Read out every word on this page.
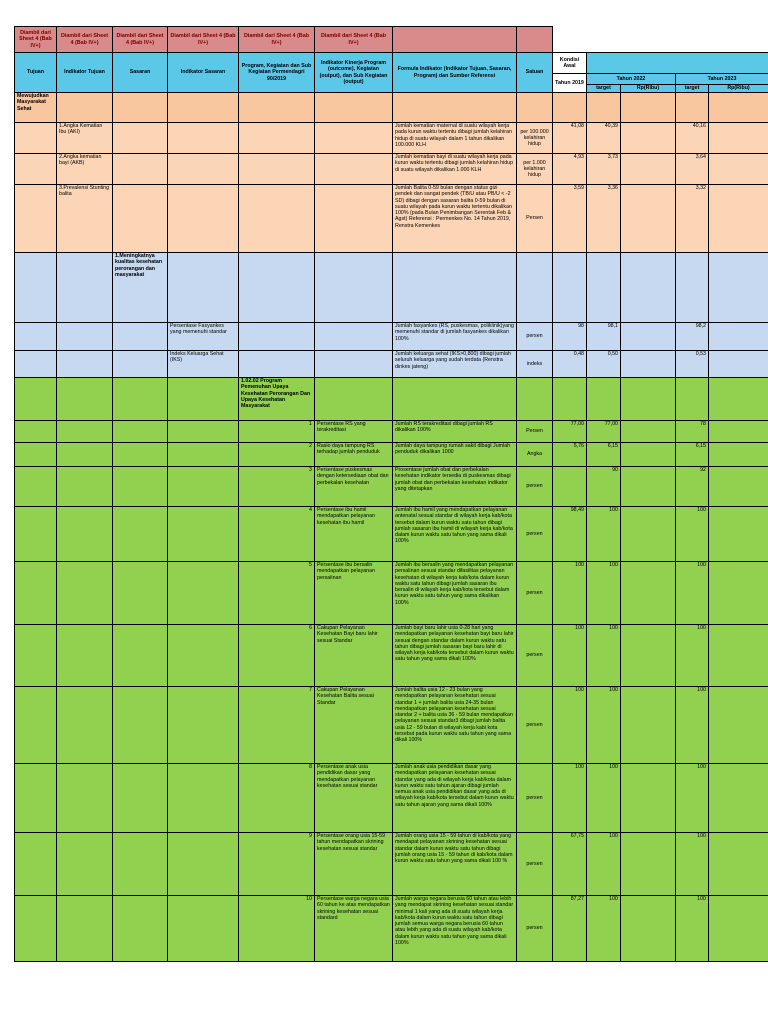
Diambil dari Sheet 4 (Bab IV+)	Diambil dari Sheet 4 (Bab IV+)	Diambil dari Sheet 4 (Bab IV+)	Diambil dari Sheet 4 (Bab IV+)	Diambil dari Sheet 4 (Bab IV+)	Diambil dari Sheet 4 (Bab IV+)							
Tujuan	Indikator Tujuan	Sasaran	Indikator Sasaran	Program, Kegiatan dan Sub Kegiatan Permendagri 90/2019	Indikator Kinerja Program (outcome), Kegiatan (output), dan Sub Kegiatan (output)	Formula Indikator (Indikator Tujuan, Sasaran, Program) dan Sumber Referensi	Satuan	Kondisi Awal				
								Tahun 2019	Tahun 2022		Tahun 2023	
									target	Rp(Ribu)	target	Rp(Ribu)
Mewujudkan Masyarakat Sehat												
	1.Angka Kematian Ibu (AKI)					Jumlah kematian maternal di suatu wilayah kerja pada kurun waktu tertentu dibagi jumlah kelahiran hidup di suatu wilayah dalam 1 tahun dikalikan 100.000 KLH	per 100.000 kelahiran hidup	41,08	40,39		40,16	
	2.Angka kematian bayi (AKB)					Jumlah kematian bayi di suatu wilayah kerja pada kurun waktu tertentu dibagi jumlah kelahiran hidup di suatu wilayah dikalikan 1.000 KLH	per 1.000 kelahiran hidup	4,93	3,73		3,64	
	3.Prevalensi Stunting balita					Jumlah Balita 0-59 bulan dengan status gizi pendek dan sangat pendek (TB/U atau PB/U < -2 SD) dibagi dengan sasaran balita 0-59 bulan di suatu wilayah pada kurun waktu tertentu dikalikan 100% (pada Bulan Penimbangan Serentak Feb & Agst) Referensi : Permenkes No. 14 Tahun 2019, Renstra Kemenkes	Persen	3,59	3,36		3,32	
		1.Meningkatnya kualitas kesehatan perorangan dan masyarakat										
			Persentase Fasyankes yang memenuhi standar			Jumlah fasyankes (RS, puskesmas, poliklinik)yang memenuhi standar di jumlah fasyankes dikalikan 100%	persen	98	98,1		98,2	
			Indeks Keluarga Sehat (IKS)			Jumlah keluarga sehat (IKS>0,800) dibagi jumlah seluruh keluarga yang sudah terdata (Renstra dinkes jateng)	indeks	0,48	0,50		0,53	
				1.02.02 Program Pemenuhan Upaya Kesehatan Perorangan Dan Upaya Kesehatan Masyarakat								
				1	Persentase RS yang terakreditasi	Jumlah RS terakreditasi dibagi jumlah RS dikalikan 100%	Persen	77,00	77,00		78	
				2	Rasio daya tampung RS terhadap jumlah penduduk	Jumlah daya tampung rumah sakit dibagi Jumlah penduduk dikalikan 1000	Angka	5,76	6,15		6,15	
				3	Persentase puskesmas dengan ketersediaan obat dan perbekalan kesehatan	Prosentase jumlah obat dan perbekalan kesehatan indikator tersedia di puskesmas dibagi jumlah obat dan perbekalan kesehatan indikator yang ditetapkan	persen		90		92	
				4	Persentase ibu hamil mendapatkan pelayanan kesehatan ibu hamil	Jumlah ibu hamil yang mendapatkan pelayanan antenatal sesuai standar di wilayah kerja kab/kota tersebut dalam kurun waktu satu tahun dibagi jumlah sasaran ibu hamil di wilayah kerja kab/kota dalam kurun waktu satu tahun yang sama dikali 100%	persen	98,49	100		100	
				5	Persentase ibu bersalin mendapatkan pelayanan persalinan	Jumlah ibu bersalin yang mendapatkan pelayanan persalinan sesuai standar difasilitas pelayanan kesehatan di wilayah kerja kab/kota dalam kurun waktu satu tahun dibagi jumlah sasaran ibu bersalin di wilayah kerja kab/kota tersebut dalam kurun waktu satu tahun yang sama dikalikan 100%	persen	100	100		100	
				6	Cakupan Pelayanan Kesehatan Bayi baru lahir sesuai Standar	Jumlah bayi baru lahir usia 0-28 hari yang mendapatkan pelayanan kesehatan bayi baru lahir sesuai dengan standar dalam kurun waktu satu tahun dibagi jumlah sasaran bayi baru lahir di wilayah kerja kab/kota tersebut dalam kurun waktu satu tahun yang sama dikali 100%	persen	100	100		100	
				7	Cakupan Pelayanan Kesehatan Balita sesuai Standar	Jumlah balita usia 12 - 23 bulan yang mendapatkan pelayanan kesehatan sesuai standar 1 + jumlah balita usia 24-35 bulan mendapatkan pelayanan kesehatan sesuai standar 2 + balita usia 36 - 59 bulan mendapatkan pelayanan sesuai standar3 dibagi jumlah balita usia 12 - 59 bulan di wilayah kerja kabi kota tersebut pada kurun waktu satu tahun yang sama dikali 100%	persen	100	100		100	
				8	Persentase anak usia pendidikan dasar yang mendapatkan pelayanan kesehatan sesuai standar	Jumlah anak usia pendidikan dasar yang mendapatkan pelayanan kesehatan sesuai standar yang ada di wilayah kerja kab/kota dalam kurun waktu satu tahun ajaran dibagi jumlah semua anak usia pendidikan dasar yang ada di wilayah kerja kab/kota tersebut dalam kurun waktu satu tahun ajaran yang sama dikali 100%	persen	100	100		100	
				9	Persentase orang usia 15-59 tahun mendapatkan skrining kesehatan sesuai standar	Jumlah orang usia 15 - 59 tahun di kab/kota yang mendapat pelayanan skrining kesehatan sesuai standar dalam kurun waktu satu tahun dibagi jumlah orang usia 15 - 59 tahun di kab/kota dalam kurun waktu satu tahun yang sama dikali 100 %	persen	67,75	100		100	
				10	Persentase warga negara usia 60 tahun ke atas mendapatkan skrining kesehatan sesuai standard	Jumlah warga negara berusia 60 tahun atau lebih yang mendapat skrining kesehatan sesuai standar minimal 1 kali yang ada di suatu wilayah kerja kab/kota dalam kurun waktu satu tahun dibagi jumlah semua warga negara berusia 60 tahun atau lebih yang ada di suatu wilayah kab/kota dalam kurun waktu satu tahun yang sama dikali 100%	persen	87,27	100		100	
